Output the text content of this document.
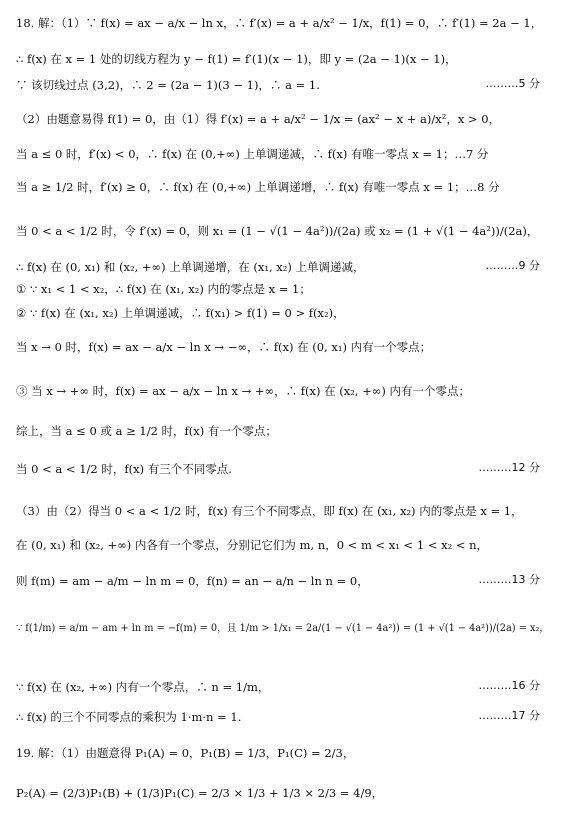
18. 解：（1）∵ f(x) = ax − a/x − ln x，∴ f′(x) = a + a/x² − 1/x，f(1) = 0，∴ f′(1) = 2a − 1，
∴ f(x) 在 x = 1 处的切线方程为 y − f(1) = f′(1)(x − 1)，即 y = (2a − 1)(x − 1)，
∵ 该切线过点 (3,2)，∴ 2 = (2a − 1)(3 − 1)，∴ a = 1.	………5 分
（2）由题意易得 f(1) = 0，由（1）得 f′(x) = a + a/x² − 1/x = (ax² − x + a)/x²，x > 0，
当 a ≤ 0 时，f′(x) < 0，∴ f(x) 在 (0,+∞) 上单调递减，∴ f(x) 有唯一零点 x = 1；…7 分
当 a ≥ 1/2 时，f′(x) ≥ 0，∴ f(x) 在 (0,+∞) 上单调递增，∴ f(x) 有唯一零点 x = 1；…8 分
当 0 < a < 1/2 时，令 f′(x) = 0，则 x₁ = (1 − √(1 − 4a²))/(2a) 或 x₂ = (1 + √(1 − 4a²))/(2a)，
∴ f(x) 在 (0, x₁) 和 (x₂, +∞) 上单调递增，在 (x₁, x₂) 上单调递减，	………9 分
① ∵ x₁ < 1 < x₂，∴ f(x) 在 (x₁, x₂) 内的零点是 x = 1；
② ∵ f(x) 在 (x₁, x₂) 上单调递减，∴ f(x₁) > f(1) = 0 > f(x₂)，
当 x → 0 时，f(x) = ax − a/x − ln x → −∞，∴ f(x) 在 (0, x₁) 内有一个零点；
③ 当 x → +∞ 时，f(x) = ax − a/x − ln x → +∞，∴ f(x) 在 (x₂, +∞) 内有一个零点；
综上，当 a ≤ 0 或 a ≥ 1/2 时，f(x) 有一个零点；
当 0 < a < 1/2 时，f(x) 有三个不同零点.	………12 分
（3）由（2）得当 0 < a < 1/2 时，f(x) 有三个不同零点，即 f(x) 在 (x₁, x₂) 内的零点是 x = 1，
在 (0, x₁) 和 (x₂, +∞) 内各有一个零点，分别记它们为 m, n，0 < m < x₁ < 1 < x₂ < n，
则 f(m) = am − a/m − ln m = 0，f(n) = an − a/n − ln n = 0，	………13 分
∵ f(1/m) = a/m − am + ln m = −f(m) = 0，且 1/m > 1/x₁ = 2a/(1 − √(1 − 4a²)) = (1 + √(1 − 4a²))/(2a) = x₂，
∵ f(x) 在 (x₂, +∞) 内有一个零点，∴ n = 1/m，	………16 分
∴ f(x) 的三个不同零点的乘积为 1·m·n = 1.	………17 分
19. 解：（1）由题意得 P₁(A) = 0，P₁(B) = 1/3，P₁(C) = 2/3，
P₂(A) = (2/3)P₁(B) + (1/3)P₁(C) = 2/3 × 1/3 + 1/3 × 2/3 = 4/9，
